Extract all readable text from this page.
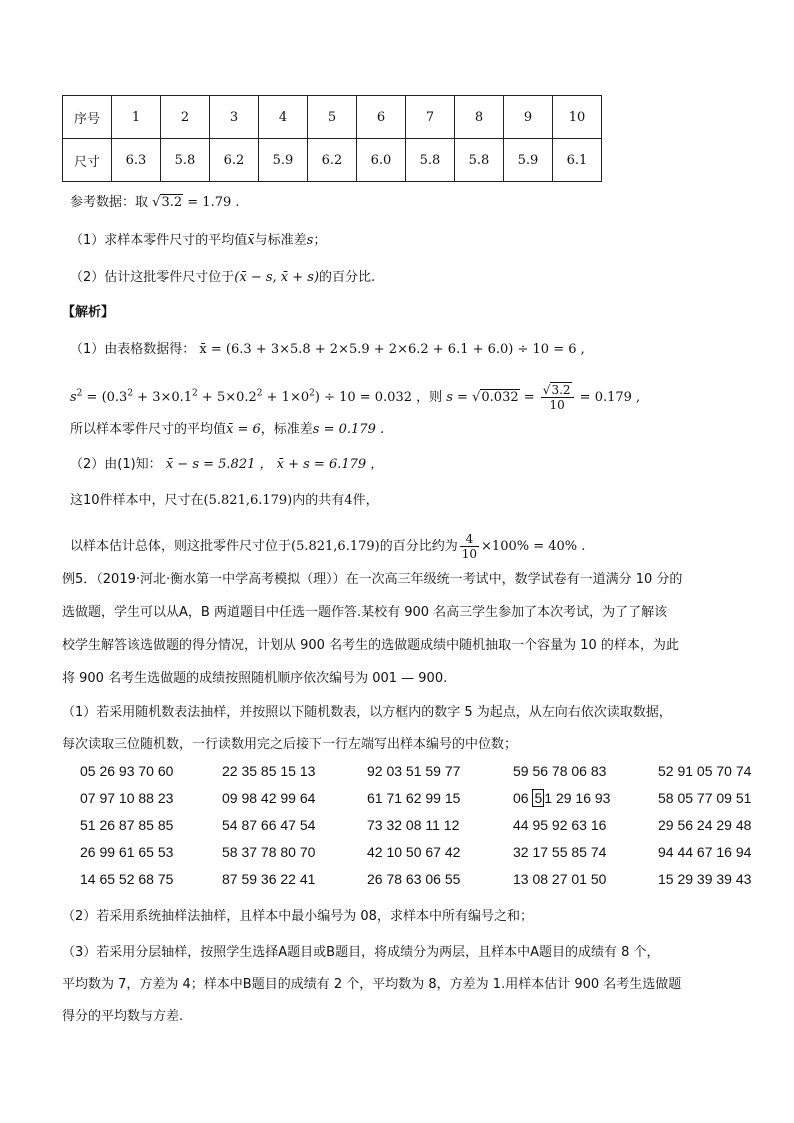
序号	1	2	3	4	5	6	7	8	9	10
尺寸	6.3	5.8	6.2	5.9	6.2	6.0	5.8	5.8	5.9	6.1
参考数据：取 √3.2 = 1.79 .
（1）求样本零件尺寸的平均值x̄与标准差s；
（2）估计这批零件尺寸位于(x̄ − s, x̄ + s)的百分比.
【解析】
（1）由表格数据得： x̄ = (6.3 + 3×5.8 + 2×5.9 + 2×6.2 + 6.1 + 6.0) ÷ 10 = 6 ,
$s^2 = (0.3^2 + 3\times 0.1^2 + 5\times 0.2^2 + 1\times 0^2) \div 10 = 0.032$ ，则 $s = √0.032 = \frac{√3.2}{10} = 0.179$ ,
所以样本零件尺寸的平均值x̄ = 6，标准差s = 0.179 .
（2）由(1)知： x̄ − s = 5.821 ， x̄ + s = 6.179 ，
这10件样本中，尺寸在(5.821,6.179)内的共有4件，
以样本估计总体，则这批零件尺寸位于(5.821,6.179)的百分比约为 $\frac{4}{10} \times 100\% = 40\%$ .
例5．（2019·河北·衡水第一中学高考模拟（理））在一次高三年级统一考试中，数学试卷有一道满分 10 分的
选做题，学生可以从A，B 两道题目中任选一题作答.某校有 900 名高三学生参加了本次考试，为了了解该
校学生解答该选做题的得分情况，计划从 900 名考生的选做题成绩中随机抽取一个容量为 10 的样本，为此
将 900 名考生选做题的成绩按照随机顺序依次编号为 001 — 900.
（1）若采用随机数表法抽样，并按照以下随机数表，以方框内的数字 5 为起点，从左向右依次读取数据，
每次读取三位随机数，一行读数用完之后接下一行左端写出样本编号的中位数；
05 26 93 70 60	22 35 85 15 13	92 03 51 59 77	59 56 78 06 83	52 91 05 70 74
07 97 10 88 23	09 98 42 99 64	61 71 62 99 15	06 5 1 29 16 93	58 05 77 09 51
51 26 87 85 85	54 87 66 47 54	73 32 08 11 12	44 95 92 63 16	29 56 24 29 48
26 99 61 65 53	58 37 78 80 70	42 10 50 67 42	32 17 55 85 74	94 44 67 16 94
14 65 52 68 75	87 59 36 22 41	26 78 63 06 55	13 08 27 01 50	15 29 39 39 43
（2）若采用系统抽样法抽样，且样本中最小编号为 08，求样本中所有编号之和；
（3）若采用分层轴样，按照学生选择A题目或B题目，将成绩分为两层，且样本中A题目的成绩有 8 个，
平均数为 7，方差为 4；样本中B题目的成绩有 2 个，平均数为 8，方差为 1.用样本估计 900 名考生选做题
得分的平均数与方差.
